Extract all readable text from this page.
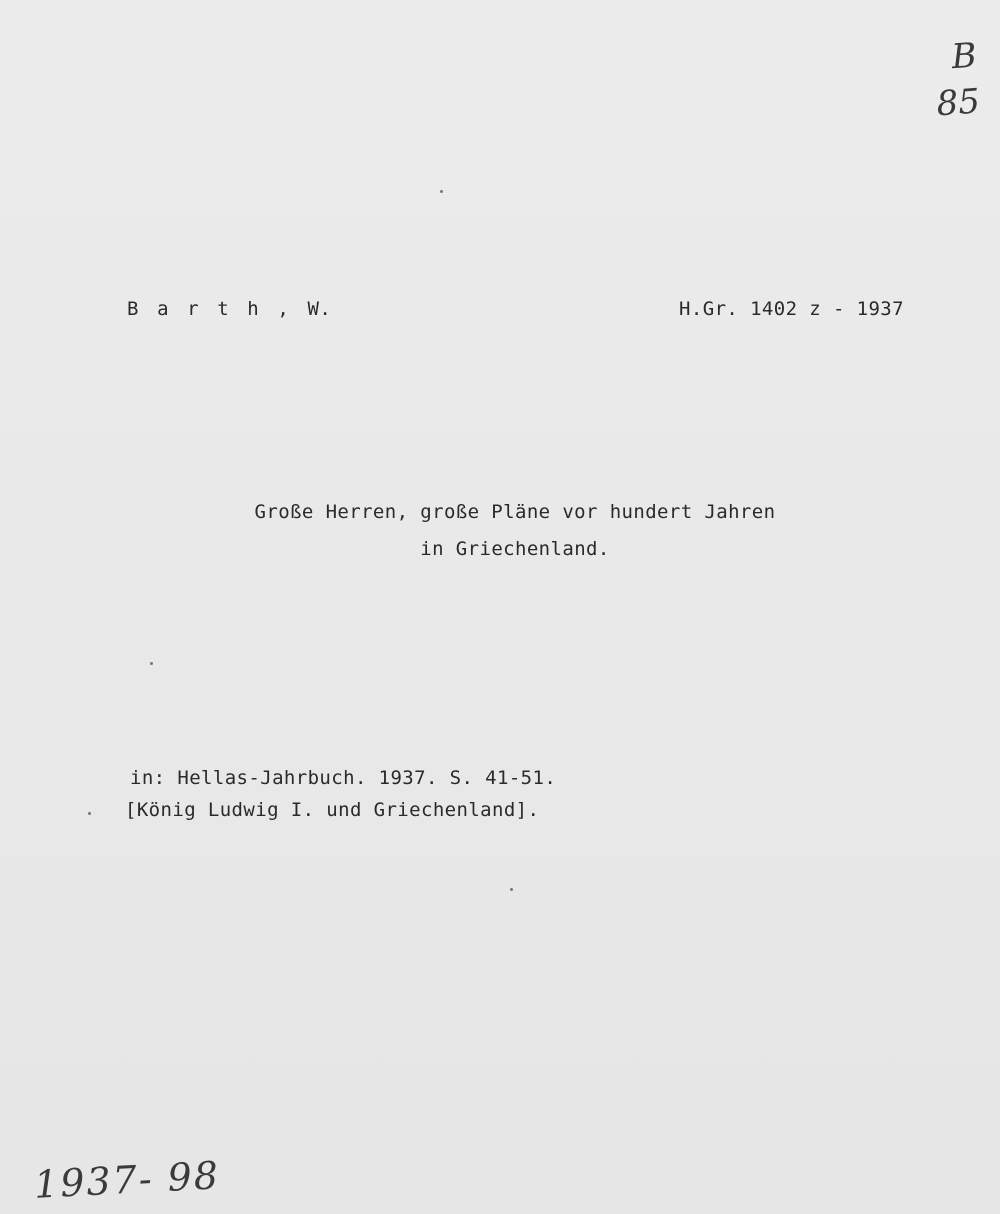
B a r t h , W.	H.Gr. 1402 z - 1937
Große Herren, große Pläne vor hundert Jahren
in Griechenland.
in: Hellas-Jahrbuch. 1937. S. 41-51.
[König Ludwig I. und Griechenland].
B
85
1937- 98
